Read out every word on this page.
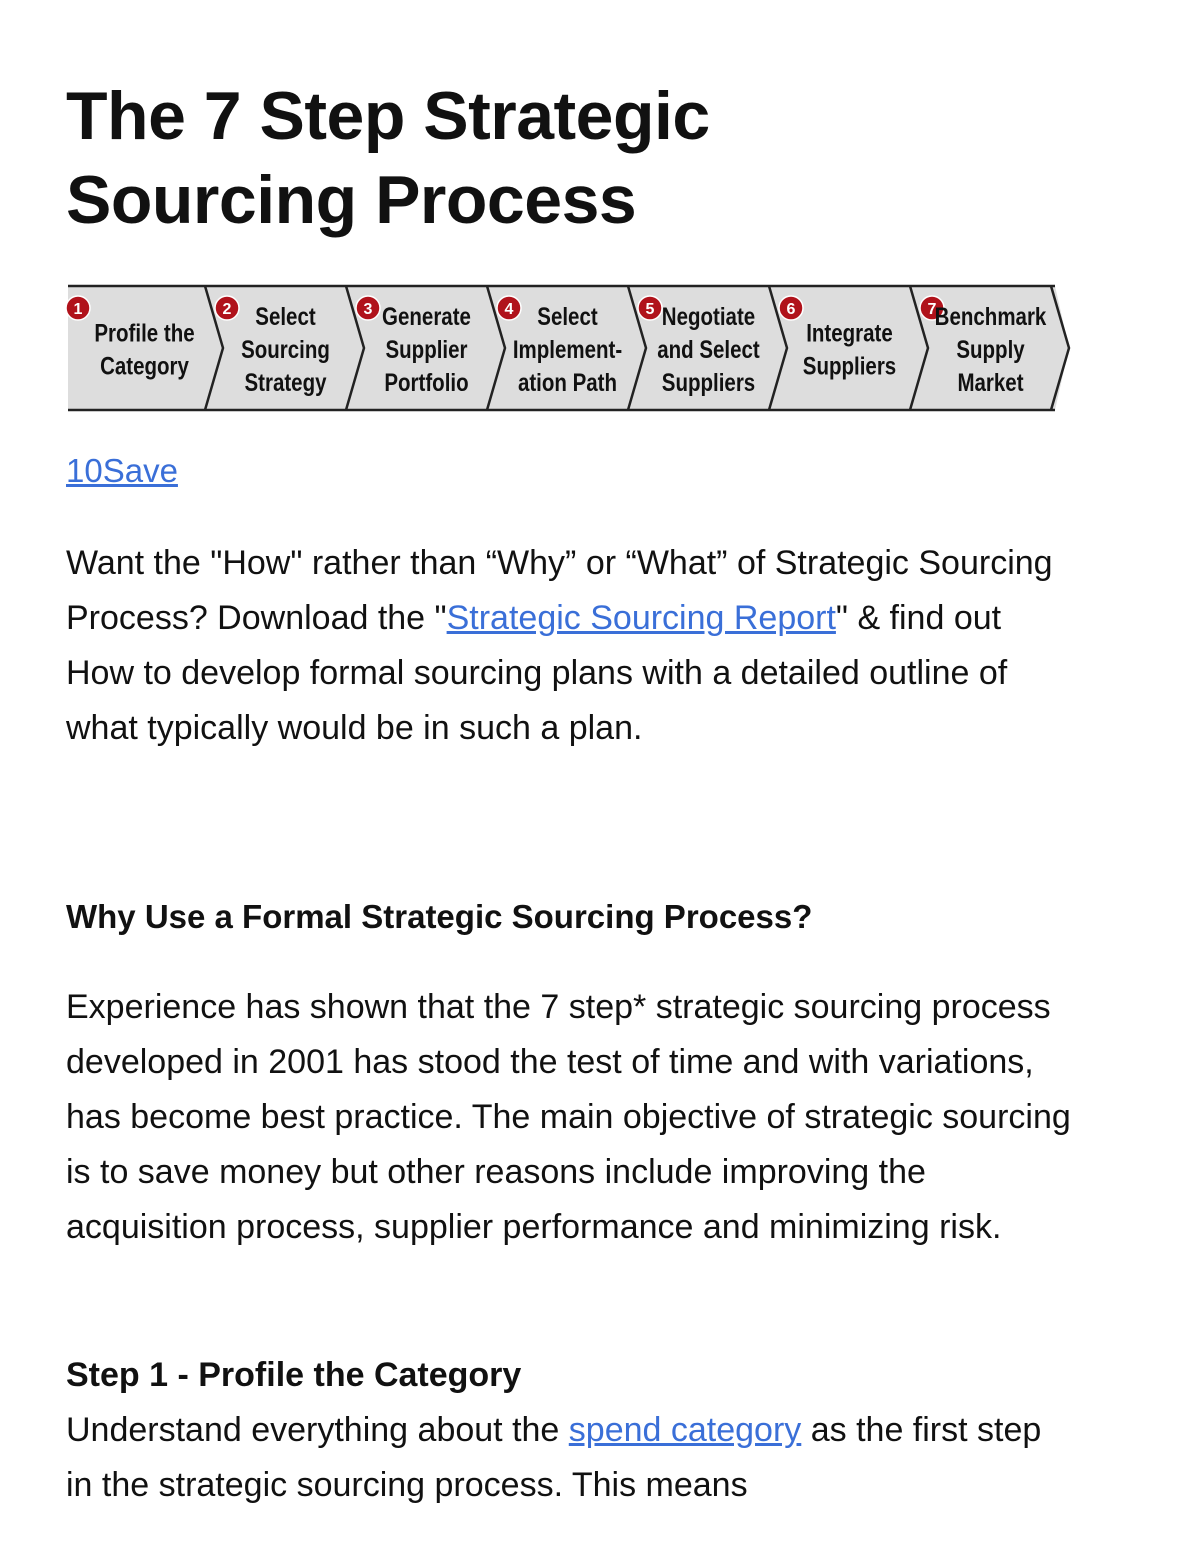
The 7 Step Strategic
Sourcing Process
1
Profile the
Category
2 Select
Sourcing
Strategy
3 Generate
Supplier
Portfolio
4 Select
Implement-
ation Path
5 Negotiate
and Select
Suppliers
6
Integrate
Suppliers
7
Benchmark
Supply
Market
10Save

Want the "How" rather than “Why” or “What” of Strategic Sourcing Process? Download the "Strategic Sourcing Report" & find out How to develop formal sourcing plans with a detailed outline of what typically would be in such a plan.

Why Use a Formal Strategic Sourcing Process?

Experience has shown that the 7 step* strategic sourcing process developed in 2001 has stood the test of time and with variations, has become best practice. The main objective of strategic sourcing is to save money but other reasons include improving the acquisition process, supplier performance and minimizing risk.

Step 1 - Profile the Category

Understand everything about the spend category as the first step in the strategic sourcing process. This means
